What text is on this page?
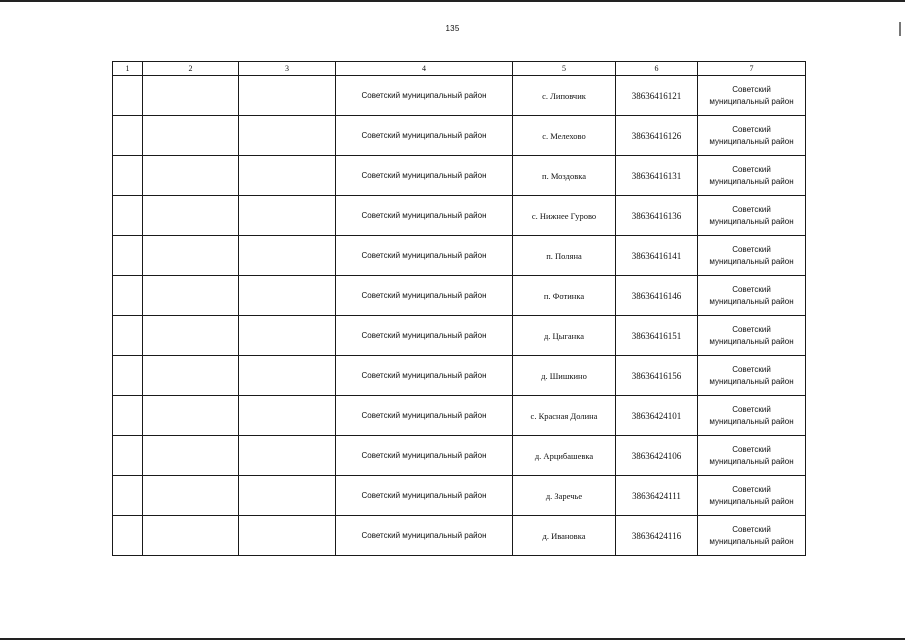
135
1	2	3	4	5	6	7
			Советский муниципальный район	с. Липовчик	38636416121	Советский
муниципальный район

			Советский муниципальный район	с. Мелехово	38636416126	Советский
муниципальный район

			Советский муниципальный район	п. Моздовка	38636416131	Советский
муниципальный район

			Советский муниципальный район	с. Нижнее Гурово	38636416136	Советский
муниципальный район

			Советский муниципальный район	п. Поляна	38636416141	Советский
муниципальный район

			Советский муниципальный район	п. Фотинка	38636416146	Советский
муниципальный район

			Советский муниципальный район	д. Цыганка	38636416151	Советский
муниципальный район

			Советский муниципальный район	д. Шишкино	38636416156	Советский
муниципальный район

			Советский муниципальный район	с. Красная Долина	38636424101	Советский
муниципальный район

			Советский муниципальный район	д. Арцибашевка	38636424106	Советский
муниципальный район

			Советский муниципальный район	д. Заречье	38636424111	Советский
муниципальный район

			Советский муниципальный район	д. Ивановка	38636424116	Советский
муниципальный район
